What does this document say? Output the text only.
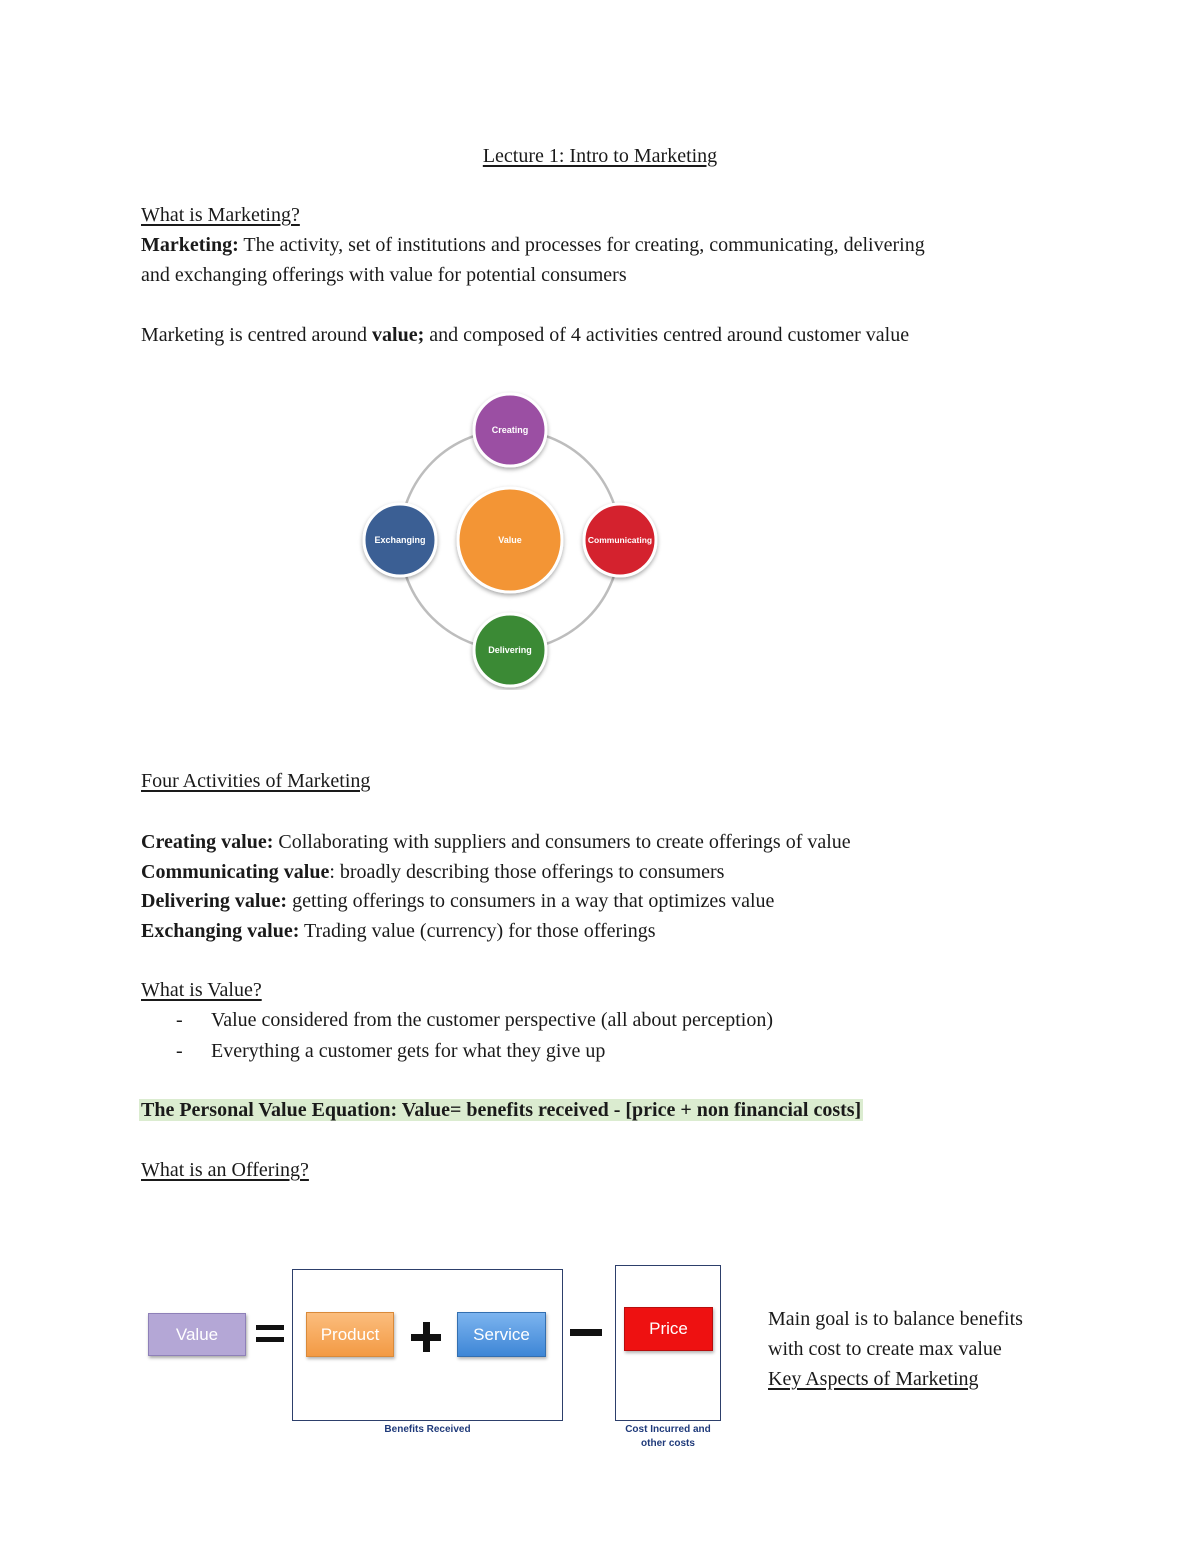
Lecture 1: Intro to Marketing
What is Marketing?
Marketing: The activity, set of institutions and processes for creating, communicating, delivering
and exchanging offerings with value for potential consumers
Marketing is centred around value; and composed of 4 activities centred around customer value
Value
Creating
Communicating
Delivering
Exchanging
Four Activities of Marketing
Creating value: Collaborating with suppliers and consumers to create offerings of value
Communicating value: broadly describing those offerings to consumers
Delivering value: getting offerings to consumers in a way that optimizes value
Exchanging value: Trading value (currency) for those offerings
What is Value?
- Value considered from the customer perspective (all about perception)
- Everything a customer gets for what they give up
The Personal Value Equation: Value= benefits received - [price + non financial costs]
What is an Offering?
Value	Product	Service	Price
Benefits Received	Cost Incurred and
other costs
Main goal is to balance benefits
with cost to create max value
Key Aspects of Marketing
